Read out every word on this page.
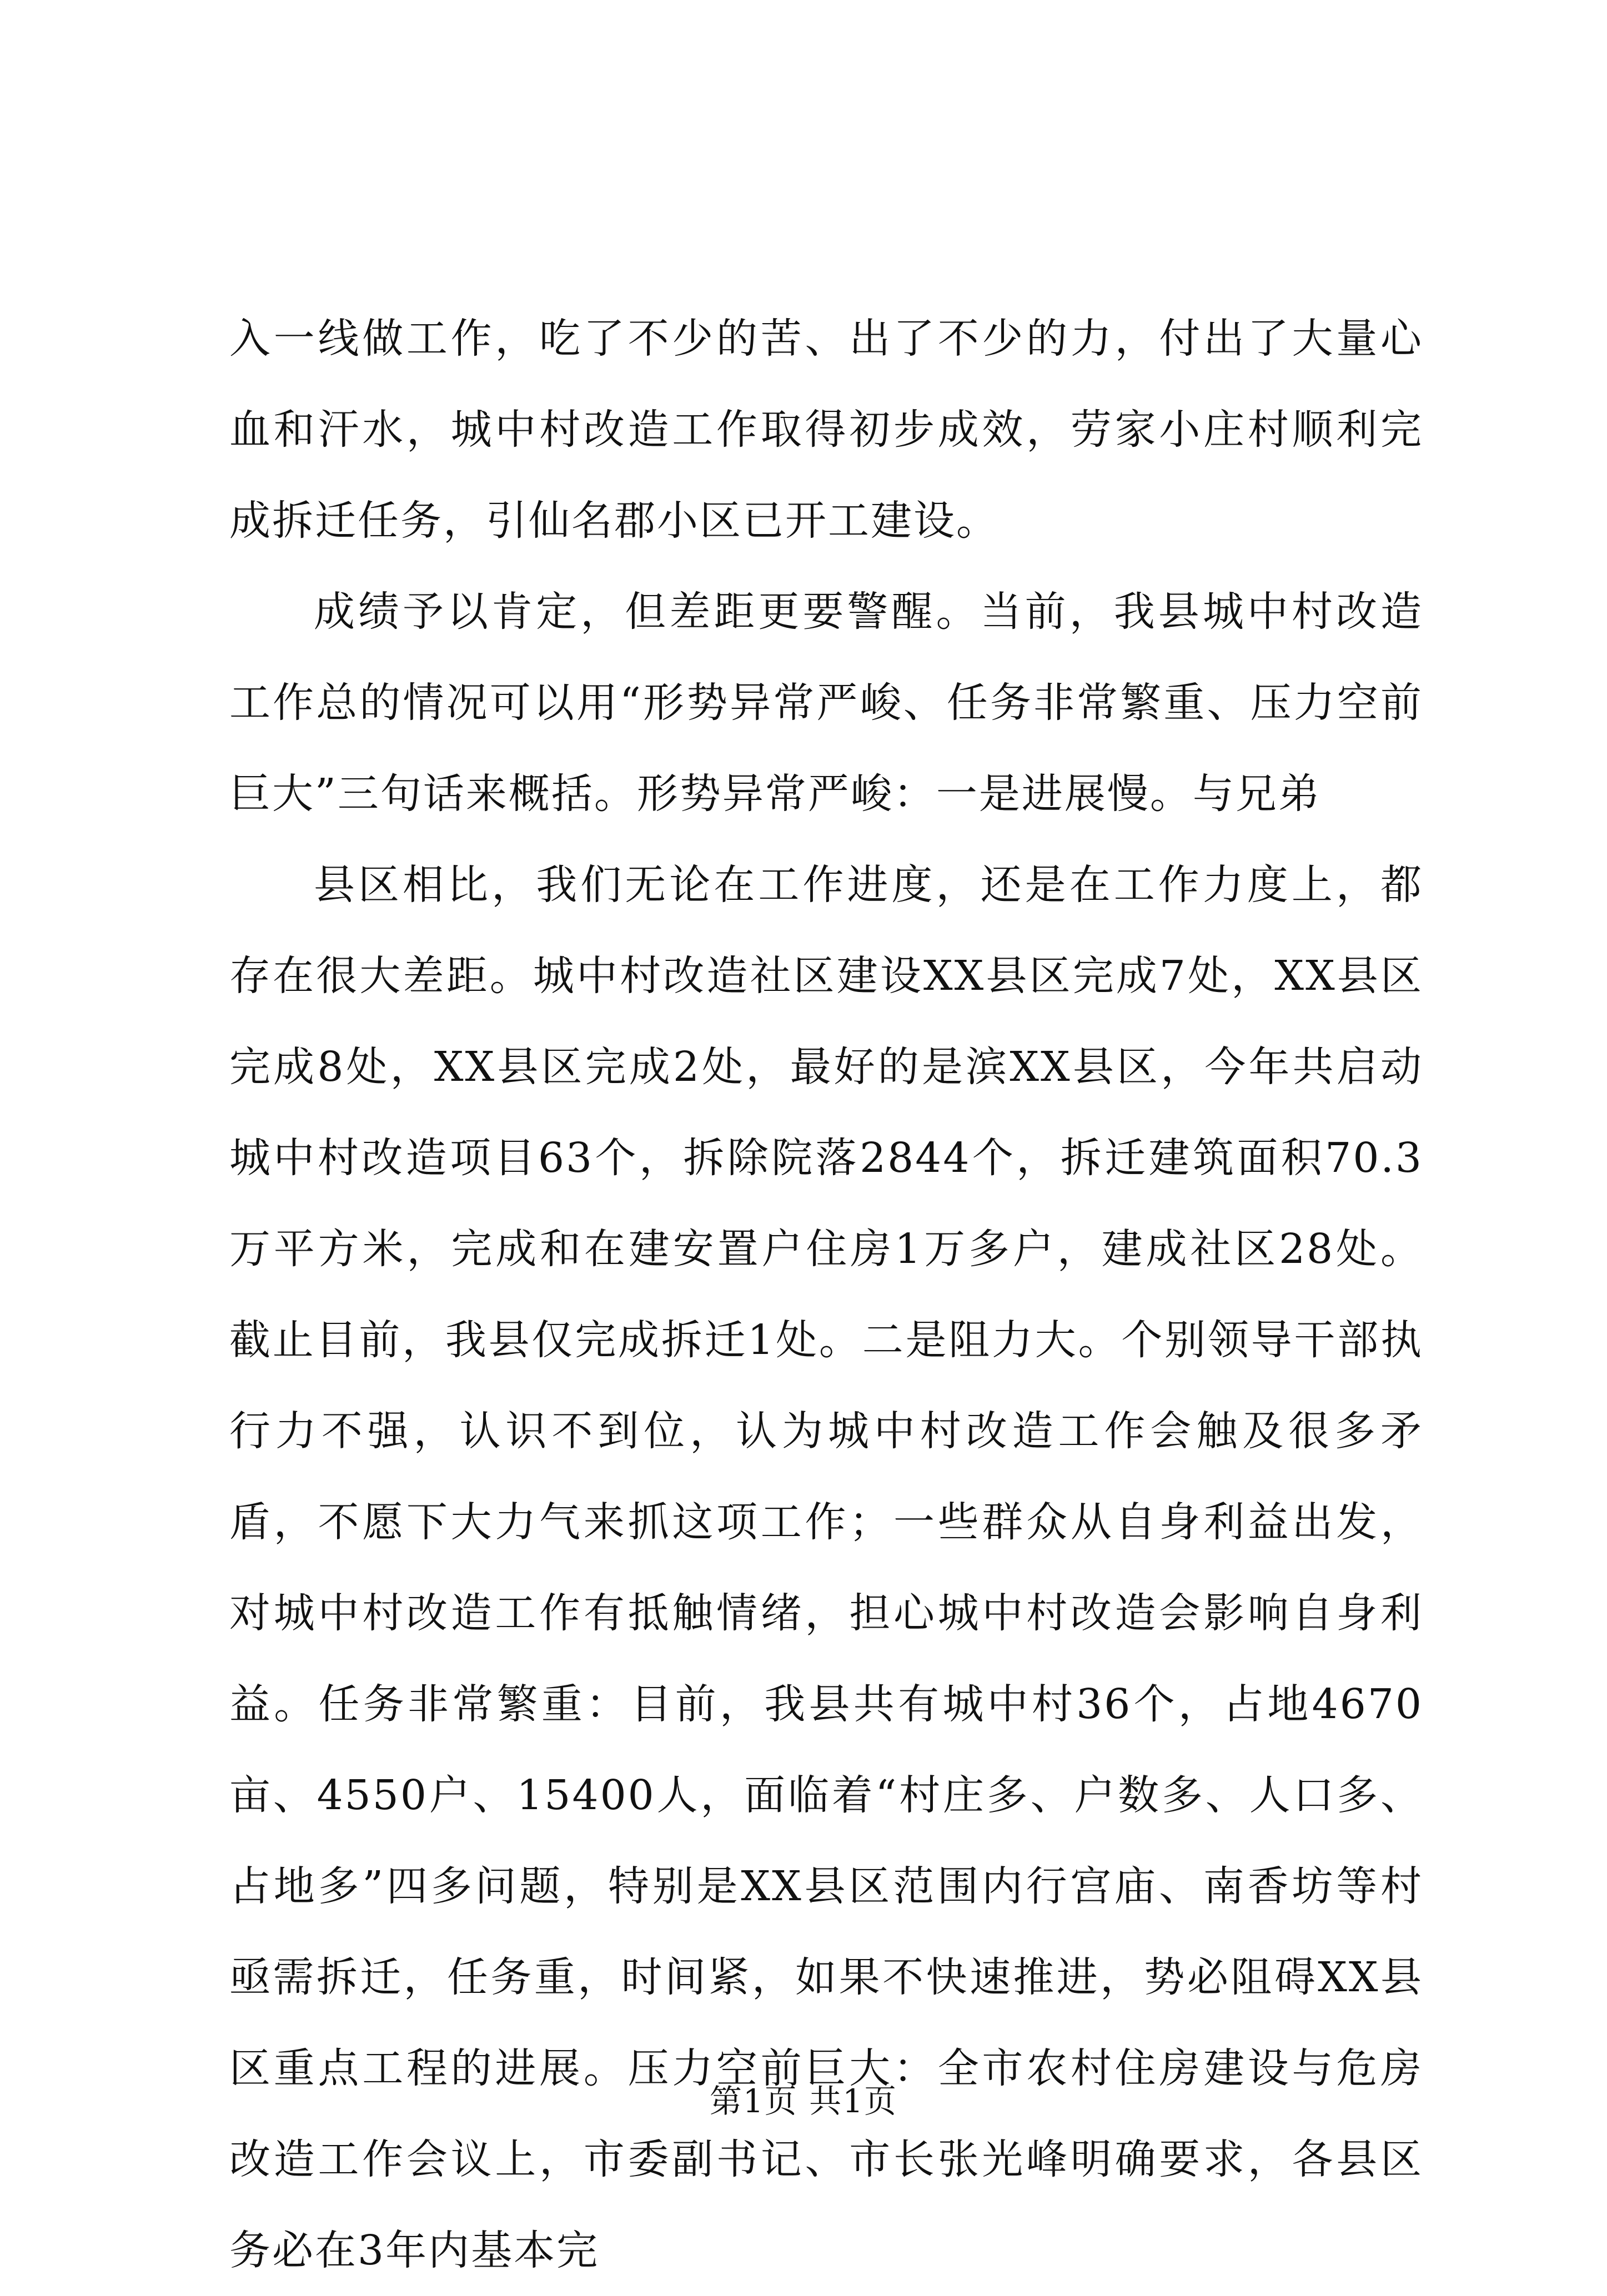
入一线做工作，吃了不少的苦、出了不少的力，付出了大量心血和汗水，城中村改造工作取得初步成效，劳家小庄村顺利完成拆迁任务，引仙名郡小区已开工建设。

成绩予以肯定，但差距更要警醒。当前，我县城中村改造工作总的情况可以用“形势异常严峻、任务非常繁重、压力空前巨大”三句话来概括。形势异常严峻：一是进展慢。与兄弟

县区相比，我们无论在工作进度，还是在工作力度上，都存在很大差距。城中村改造社区建设XX县区完成7处，XX县区完成8处，XX县区完成2处，最好的是滨XX县区，今年共启动城中村改造项目63个，拆除院落2844个，拆迁建筑面积70.3万平方米，完成和在建安置户住房1万多户，建成社区28处。截止目前，我县仅完成拆迁1处。二是阻力大。个别领导干部执行力不强，认识不到位，认为城中村改造工作会触及很多矛盾，不愿下大力气来抓这项工作；一些群众从自身利益出发，对城中村改造工作有抵触情绪，担心城中村改造会影响自身利益。任务非常繁重：目前，我县共有城中村36个，占地4670亩、4550户、15400人，面临着“村庄多、户数多、人口多、占地多”四多问题，特别是XX县区范围内行宫庙、南香坊等村亟需拆迁，任务重，时间紧，如果不快速推进，势必阻碍XX县区重点工程的进展。压力空前巨大：全市农村住房建设与危房改造工作会议上，市委副书记、市长张光峰明确要求，各县区务必在3年内基本完

第1页 共1页
